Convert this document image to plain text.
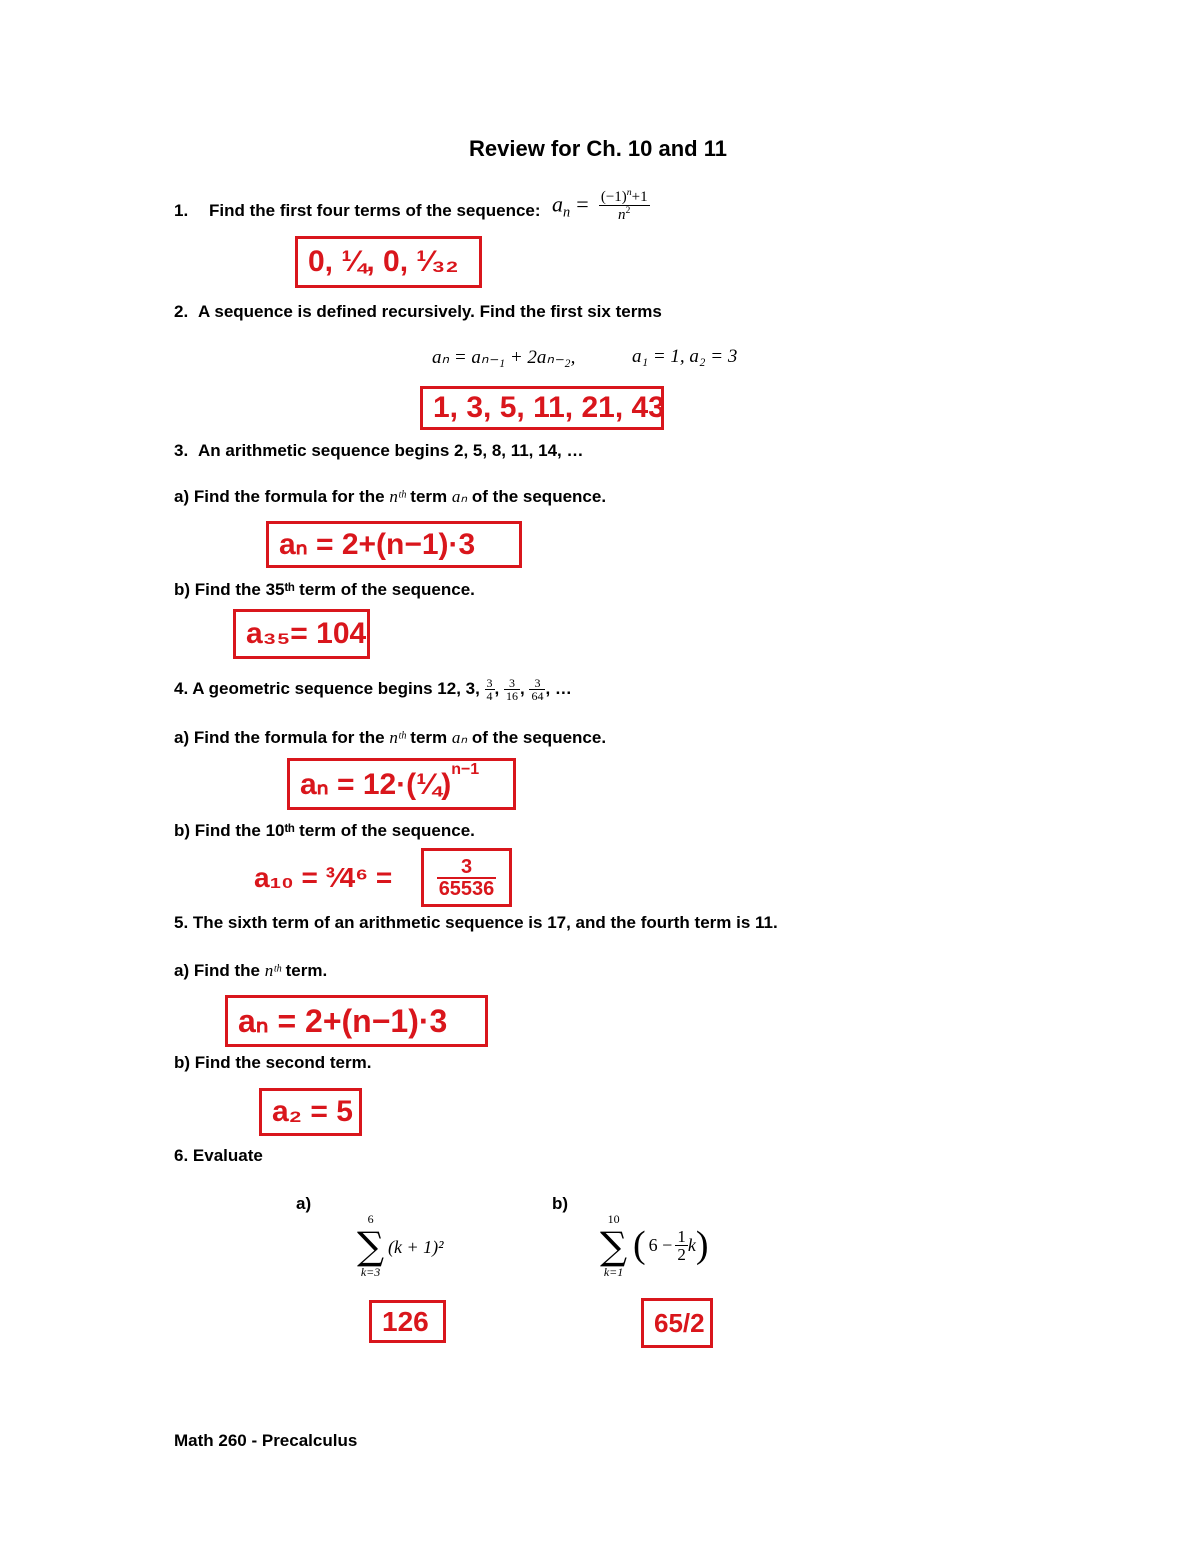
Review for Ch. 10 and 11
1. Find the first four terms of the sequence: $a_n = \frac{(-1)^n+1}{n^2}$
0, ¼, 0, ¹⁄₃₂
2. A sequence is defined recursively. Find the first six terms
aₙ = aₙ₋₁ + 2aₙ₋₂,	a₁ = 1, a₂ = 3
1, 3, 5, 11, 21, 43
3. An arithmetic sequence begins 2, 5, 8, 11, 14, …
a) Find the formula for the nᵗʰ term aₙ of the sequence.
aₙ = 2+(n−1)·3
b) Find the 35ᵗʰ term of the sequence.
a₃₅= 104
4. A geometric sequence begins 12, 3, $\frac{3}{4}$ , $\frac{3}{16}$ , $\frac{3}{64}$ , …
a) Find the formula for the nᵗʰ term aₙ of the sequence.
aₙ = 12·(¼)$^{n-1}$
b) Find the 10ᵗʰ term of the sequence.
a₁₀ = ³⁄4⁶ = $\frac{3}{65536}$
5. The sixth term of an arithmetic sequence is 17, and the fourth term is 11.
a) Find the nᵗʰ term.
aₙ = 2+(n−1)·3
b) Find the second term.
a₂ = 5
6. Evaluate
a)
6
∑
k=3
(k + 1)²
126
b)
10
∑
k=1
( $6 - \frac{1}{2}$ k )
65/2
Math 260 - Precalculus
